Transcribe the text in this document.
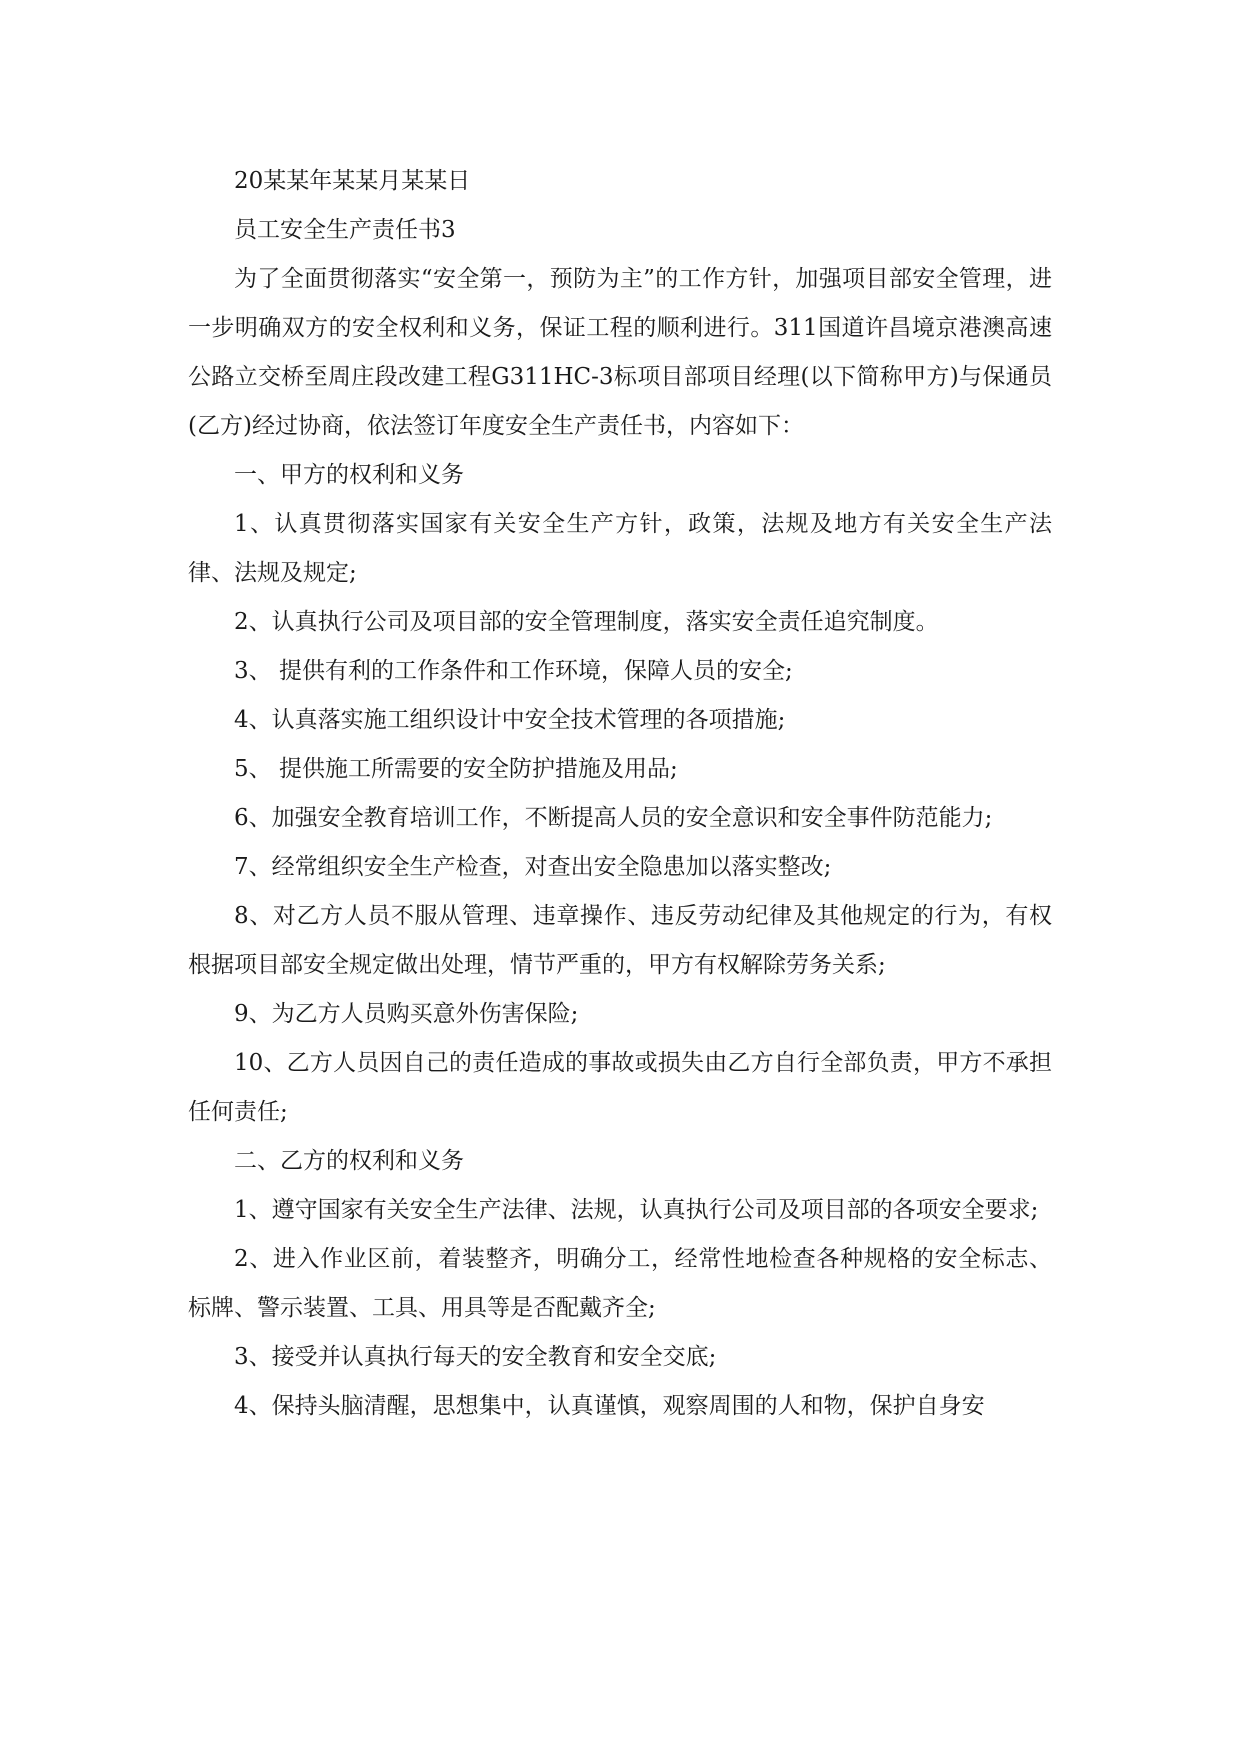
20某某年某某月某某日

员工安全生产责任书3

为了全面贯彻落实“安全第一，预防为主”的工作方针，加强项目部安全管理，进一步明确双方的安全权利和义务，保证工程的顺利进行。311国道许昌境京港澳高速公路立交桥至周庄段改建工程G311HC-3标项目部项目经理(以下简称甲方)与保通员(乙方)经过协商，依法签订年度安全生产责任书，内容如下：

一、甲方的权利和义务

1、认真贯彻落实国家有关安全生产方针，政策，法规及地方有关安全生产法律、法规及规定;

2、认真执行公司及项目部的安全管理制度，落实安全责任追究制度。

3、 提供有利的工作条件和工作环境，保障人员的安全;

4、认真落实施工组织设计中安全技术管理的各项措施;

5、 提供施工所需要的安全防护措施及用品;

6、加强安全教育培训工作，不断提高人员的安全意识和安全事件防范能力;

7、经常组织安全生产检查，对查出安全隐患加以落实整改;

8、对乙方人员不服从管理、违章操作、违反劳动纪律及其他规定的行为，有权根据项目部安全规定做出处理，情节严重的，甲方有权解除劳务关系;

9、为乙方人员购买意外伤害保险;

10、乙方人员因自己的责任造成的事故或损失由乙方自行全部负责，甲方不承担任何责任;

二、乙方的权利和义务

1、遵守国家有关安全生产法律、法规，认真执行公司及项目部的各项安全要求;

2、进入作业区前，着装整齐，明确分工，经常性地检查各种规格的安全标志、标牌、警示装置、工具、用具等是否配戴齐全;

3、接受并认真执行每天的安全教育和安全交底;

4、保持头脑清醒，思想集中，认真谨慎，观察周围的人和物，保护自身安
